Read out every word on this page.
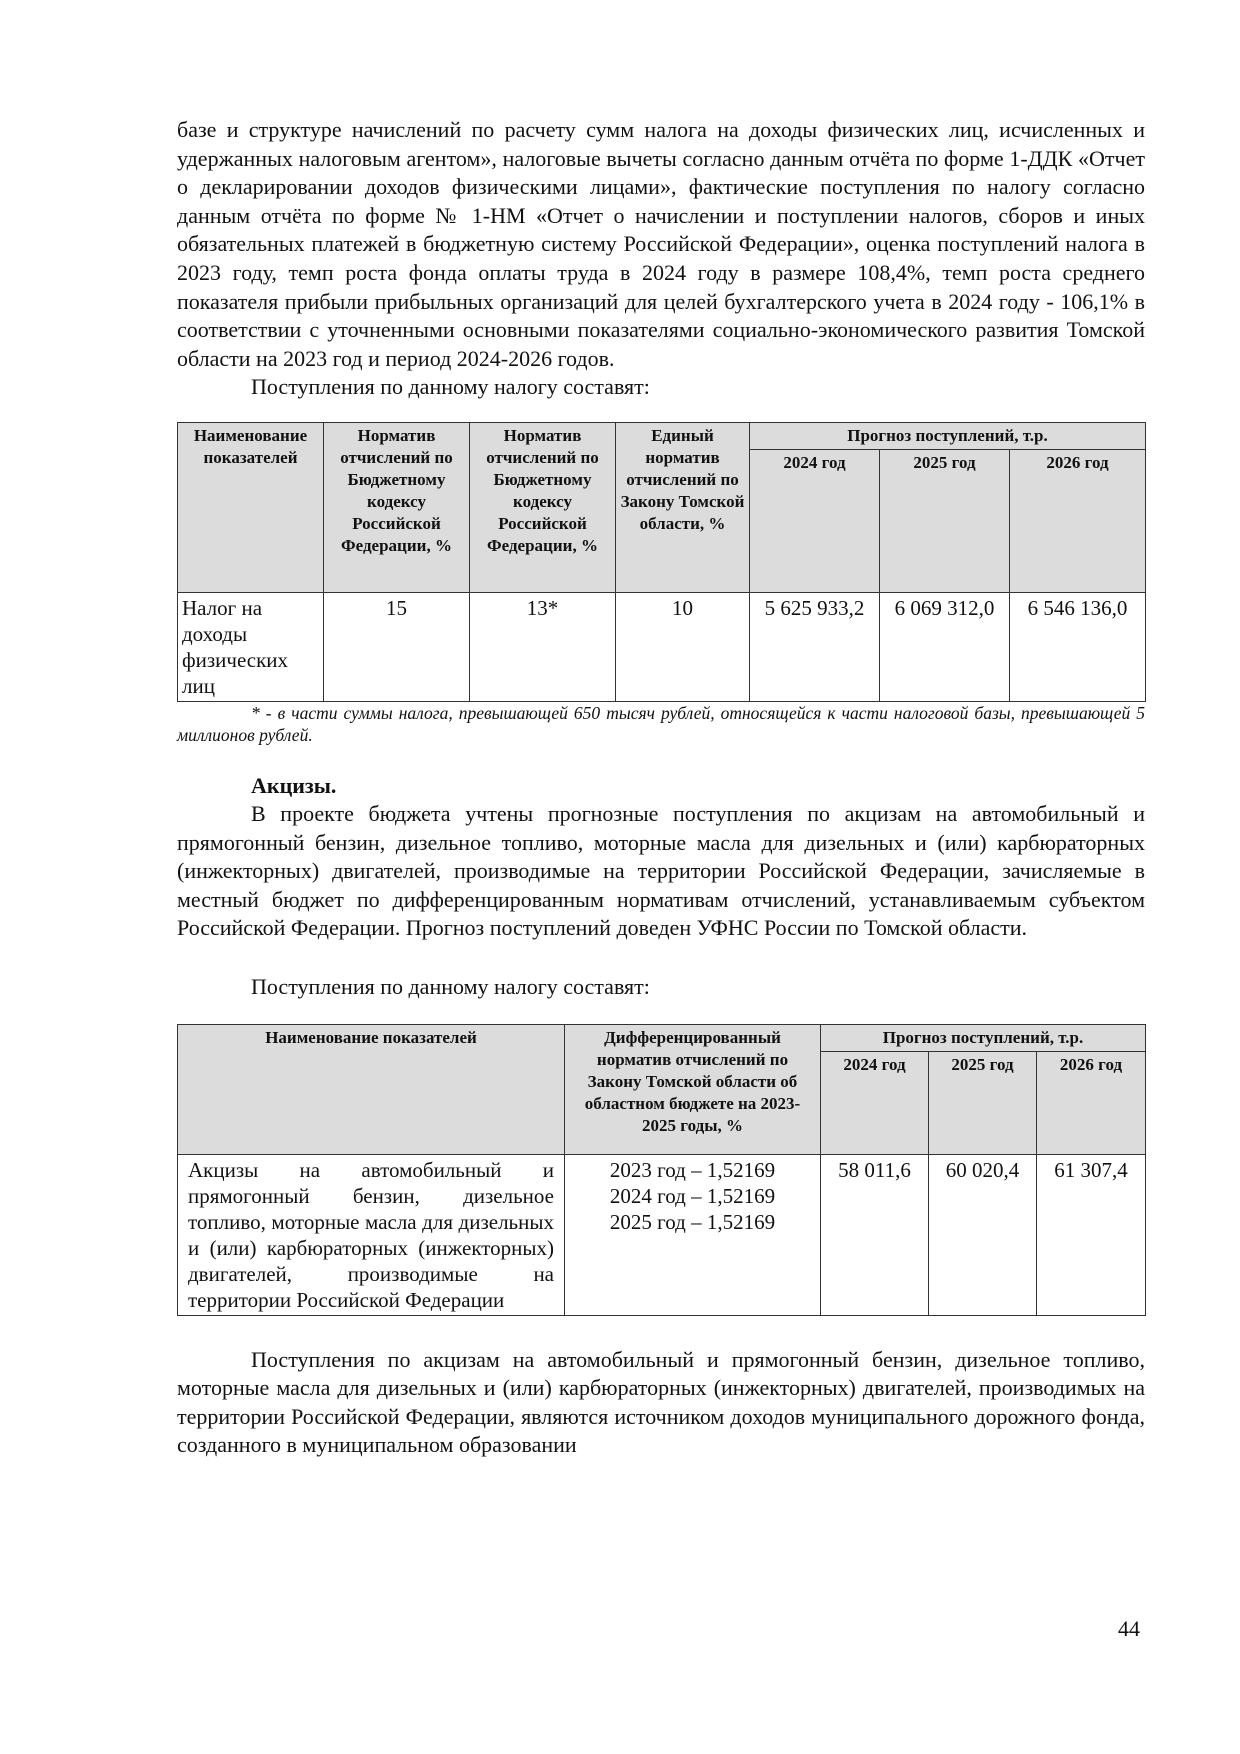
базе и структуре начислений по расчету сумм налога на доходы физических лиц, исчисленных и удержанных налоговым агентом», налоговые вычеты согласно данным отчёта по форме 1-ДДК «Отчет о декларировании доходов физическими лицами», фактические поступления по налогу согласно данным отчёта по форме № 1-НМ «Отчет о начислении и поступлении налогов, сборов и иных обязательных платежей в бюджетную систему Российской Федерации», оценка поступлений налога в 2023 году, темп роста фонда оплаты труда в 2024 году в размере 108,4%, темп роста среднего показателя прибыли прибыльных организаций для целей бухгалтерского учета в 2024 году - 106,1% в соответствии с уточненными основными показателями социально-экономического развития Томской области на 2023 год и период 2024-2026 годов.

Поступления по данному налогу составят:

Наименование показателей	Норматив отчислений по Бюджетному кодексу Российской Федерации, %	Норматив отчислений по Бюджетному кодексу Российской Федерации, %	Единый норматив отчислений по Закону Томской области, %	Прогноз поступлений, т.р.		
				2024 год	2025 год	2026 год
Налог на доходы физических лиц	15	13*	10	5 625 933,2	6 069 312,0	6 546 136,0

* - в части суммы налога, превышающей 650 тысяч рублей, относящейся к части налоговой базы, превышающей 5 миллионов рублей.

Акцизы.

В проекте бюджета учтены прогнозные поступления по акцизам на автомобильный и прямогонный бензин, дизельное топливо, моторные масла для дизельных и (или) карбюраторных (инжекторных) двигателей, производимые на территории Российской Федерации, зачисляемые в местный бюджет по дифференцированным нормативам отчислений, устанавливаемым субъектом Российской Федерации. Прогноз поступлений доведен УФНС России по Томской области.

Поступления по данному налогу составят:

Наименование показателей	Дифференцированный норматив отчислений по Закону Томской области об областном бюджете на 2023-2025 годы, %	Прогноз поступлений, т.р.		
		2024 год	2025 год	2026 год
Акцизы на автомобильный и прямогонный бензин, дизельное топливо, моторные масла для дизельных и (или) карбюраторных (инжекторных) двигателей, производимые на территории Российской Федерации	2023 год – 1,52169
2024 год – 1,52169
2025 год – 1,52169	58 011,6	60 020,4	61 307,4

Поступления по акцизам на автомобильный и прямогонный бензин, дизельное топливо, моторные масла для дизельных и (или) карбюраторных (инжекторных) двигателей, производимых на территории Российской Федерации, являются источником доходов муниципального дорожного фонда, созданного в муниципальном образовании

44
